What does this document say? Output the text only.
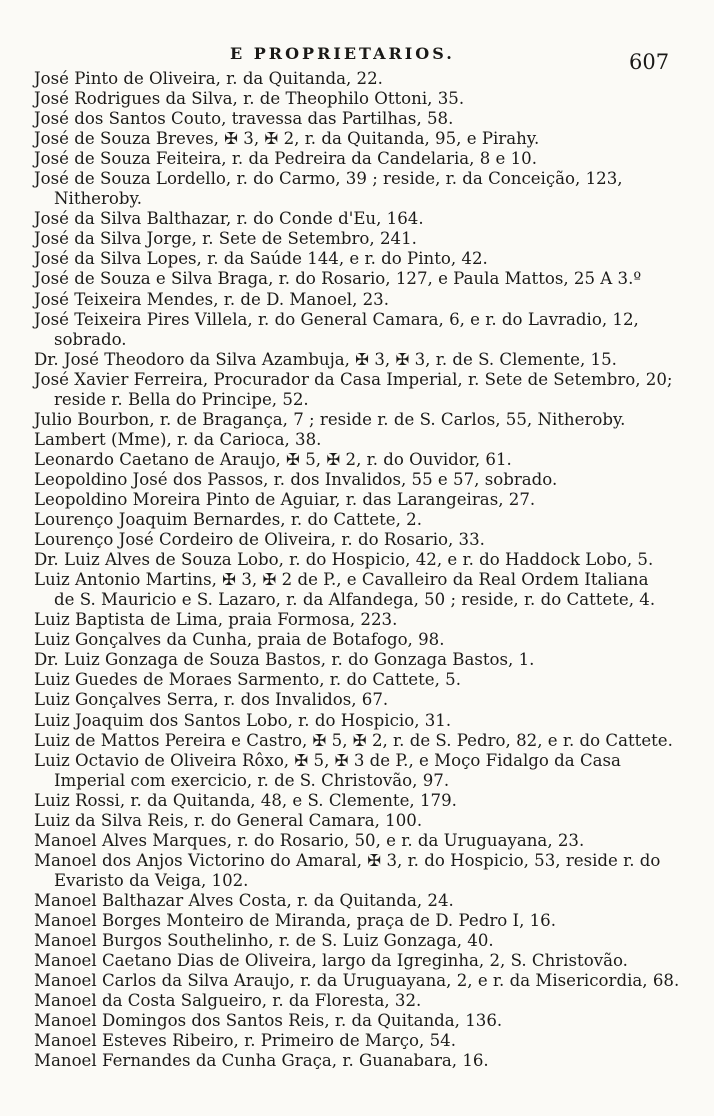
E PROPRIETARIOS.	607
José Pinto de Oliveira, r. da Quitanda, 22.
José Rodrigues da Silva, r. de Theophilo Ottoni, 35.
José dos Santos Couto, travessa das Partilhas, 58.
José de Souza Breves, ✠ 3, ✠ 2, r. da Quitanda, 95, e Pirahy.
José de Souza Feiteira, r. da Pedreira da Candelaria, 8 e 10.
José de Souza Lordello, r. do Carmo, 39 ; reside, r. da Conceição, 123,
Nitheroby.
José da Silva Balthazar, r. do Conde d'Eu, 164.
José da Silva Jorge, r. Sete de Setembro, 241.
José da Silva Lopes, r. da Saúde 144, e r. do Pinto, 42.
José de Souza e Silva Braga, r. do Rosario, 127, e Paula Mattos, 25 A 3.º
José Teixeira Mendes, r. de D. Manoel, 23.
José Teixeira Pires Villela, r. do General Camara, 6, e r. do Lavradio, 12,
sobrado.
Dr. José Theodoro da Silva Azambuja, ✠ 3, ✠ 3, r. de S. Clemente, 15.
José Xavier Ferreira, Procurador da Casa Imperial, r. Sete de Setembro, 20;
reside r. Bella do Principe, 52.
Julio Bourbon, r. de Bragança, 7 ; reside r. de S. Carlos, 55, Nitheroby.
Lambert (Mme), r. da Carioca, 38.
Leonardo Caetano de Araujo, ✠ 5, ✠ 2, r. do Ouvidor, 61.
Leopoldino José dos Passos, r. dos Invalidos, 55 e 57, sobrado.
Leopoldino Moreira Pinto de Aguiar, r. das Larangeiras, 27.
Lourenço Joaquim Bernardes, r. do Cattete, 2.
Lourenço José Cordeiro de Oliveira, r. do Rosario, 33.
Dr. Luiz Alves de Souza Lobo, r. do Hospicio, 42, e r. do Haddock Lobo, 5.
Luiz Antonio Martins, ✠ 3, ✠ 2 de P., e Cavalleiro da Real Ordem Italiana
de S. Mauricio e S. Lazaro, r. da Alfandega, 50 ; reside, r. do Cattete, 4.
Luiz Baptista de Lima, praia Formosa, 223.
Luiz Gonçalves da Cunha, praia de Botafogo, 98.
Dr. Luiz Gonzaga de Souza Bastos, r. do Gonzaga Bastos, 1.
Luiz Guedes de Moraes Sarmento, r. do Cattete, 5.
Luiz Gonçalves Serra, r. dos Invalidos, 67.
Luiz Joaquim dos Santos Lobo, r. do Hospicio, 31.
Luiz de Mattos Pereira e Castro, ✠ 5, ✠ 2, r. de S. Pedro, 82, e r. do Cattete.
Luiz Octavio de Oliveira Rôxo, ✠ 5, ✠ 3 de P., e Moço Fidalgo da Casa
Imperial com exercicio, r. de S. Christovão, 97.
Luiz Rossi, r. da Quitanda, 48, e S. Clemente, 179.
Luiz da Silva Reis, r. do General Camara, 100.
Manoel Alves Marques, r. do Rosario, 50, e r. da Uruguayana, 23.
Manoel dos Anjos Victorino do Amaral, ✠ 3, r. do Hospicio, 53, reside r. do
Evaristo da Veiga, 102.
Manoel Balthazar Alves Costa, r. da Quitanda, 24.
Manoel Borges Monteiro de Miranda, praça de D. Pedro I, 16.
Manoel Burgos Southelinho, r. de S. Luiz Gonzaga, 40.
Manoel Caetano Dias de Oliveira, largo da Igreginha, 2, S. Christovão.
Manoel Carlos da Silva Araujo, r. da Uruguayana, 2, e r. da Misericordia, 68.
Manoel da Costa Salgueiro, r. da Floresta, 32.
Manoel Domingos dos Santos Reis, r. da Quitanda, 136.
Manoel Esteves Ribeiro, r. Primeiro de Março, 54.
Manoel Fernandes da Cunha Graça, r. Guanabara, 16.
